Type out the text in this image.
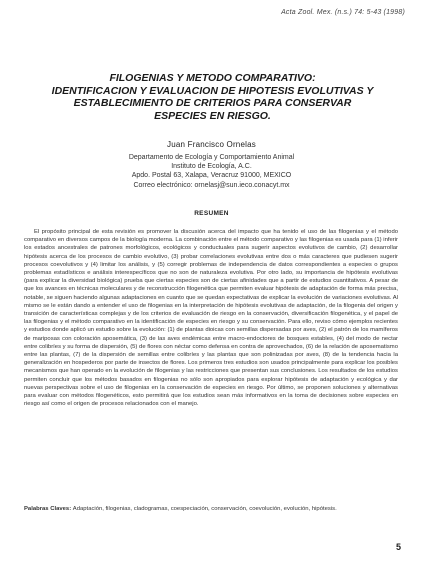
Acta Zool. Mex. (n.s.) 74: 5-43 (1998)
FILOGENIAS Y METODO COMPARATIVO:
IDENTIFICACION Y EVALUACION DE HIPOTESIS EVOLUTIVAS Y
ESTABLECIMIENTO DE CRITERIOS PARA CONSERVAR
ESPECIES EN RIESGO.
Juan Francisco Ornelas
Departamento de Ecología y Comportamiento Animal
Instituto de Ecología, A.C.
Apdo. Postal 63, Xalapa, Veracruz 91000, MEXICO
Correo electrónico: ornelasj@sun.ieco.conacyt.mx
RESUMEN

El propósito principal de esta revisión es promover la discusión acerca del impacto que ha tenido el uso de las filogenias y el método comparativo en diversos campos de la biología moderna. La combinación entre el método comparativo y las filogenias es usada para (1) inferir los estados ancestrales de patrones morfológicos, ecológicos y conductuales para sugerir aspectos evolutivos de cambio, (2) desarrollar hipótesis acerca de los procesos de cambio evolutivo, (3) probar correlaciones evolutivas entre dos o más caracteres que pudiesen sugerir procesos coevolutivos y (4) limitar los análisis, y (5) corregir problemas de independencia de datos correspondientes a especies o grupos problemas estadísticos e análisis interespecíficos que no son de naturaleza evolutiva. Por otro lado, su importancia de hipótesis evolutivas (para explicar la diversidad biológica) prueba que ciertas especies son de ciertas afinidades que a partir de estudios cuantitativos. A pesar de que los avances en técnicas moleculares y de reconstrucción filogenética que permiten evaluar hipótesis de adaptación de forma más precisa, notable, se siguen haciendo algunas adaptaciones en cuanto que se quedan expectativas de explicar la evolución de variaciones evolutivas. Al mismo se le están dando a entender el uso de filogenias en la interpretación de hipótesis evolutivas de adaptación, de la filogenia del origen y transición de características complejas y de los criterios de evaluación de riesgo en la conservación, diversificación filogenética, y el papel de las filogenias y el método comparativo en la identificación de especies en riesgo y su conservación. Para ello, reviso cómo ejemplos recientes y estudios donde aplicó un estudio sobre la evolución: (1) de plantas dioicas con semillas dispersadas por aves, (2) el patrón de los mamíferos de mariposas con coloración aposemática, (3) de las aves endémicas entre macro-endoctores de bosques estables, (4) del modo de nectar entre colibríes y su forma de dispersión, (5) de flores con néctar como defensa en contra de aprovechados, (6) de la relación de aposematismo entre las plantas, (7) de la dispersión de semillas entre colibríes y las plantas que son polinizadas por aves, (8) de la tendencia hacia la generalización en hospederos por parte de insectos de flores. Los primeros tres estudios son usados principalmente para explicar los posibles mecanismos que han operado en la evolución de filogenias y las restricciones que presentan sus conclusiones. Los resultados de los estudios permiten concluir que los métodos basados en filogenias no sólo son apropiados para explorar hipótesis de adaptación y ecológica y dar nuevas perspectivas sobre el uso de filogenias en la conservación de especies en riesgo. Por último, se proponen soluciones y alternativas para evaluar con métodos filogenéticos, esto permitirá que los estudios sean más informativos en la toma de decisiones sobre especies en riesgo así como el origen de procesos relacionados con el manejo.

Palabras Claves: Adaptación, filogenias, cladogramas, coespeciación, conservación, coevolución, evolución, hipótesis.
5
